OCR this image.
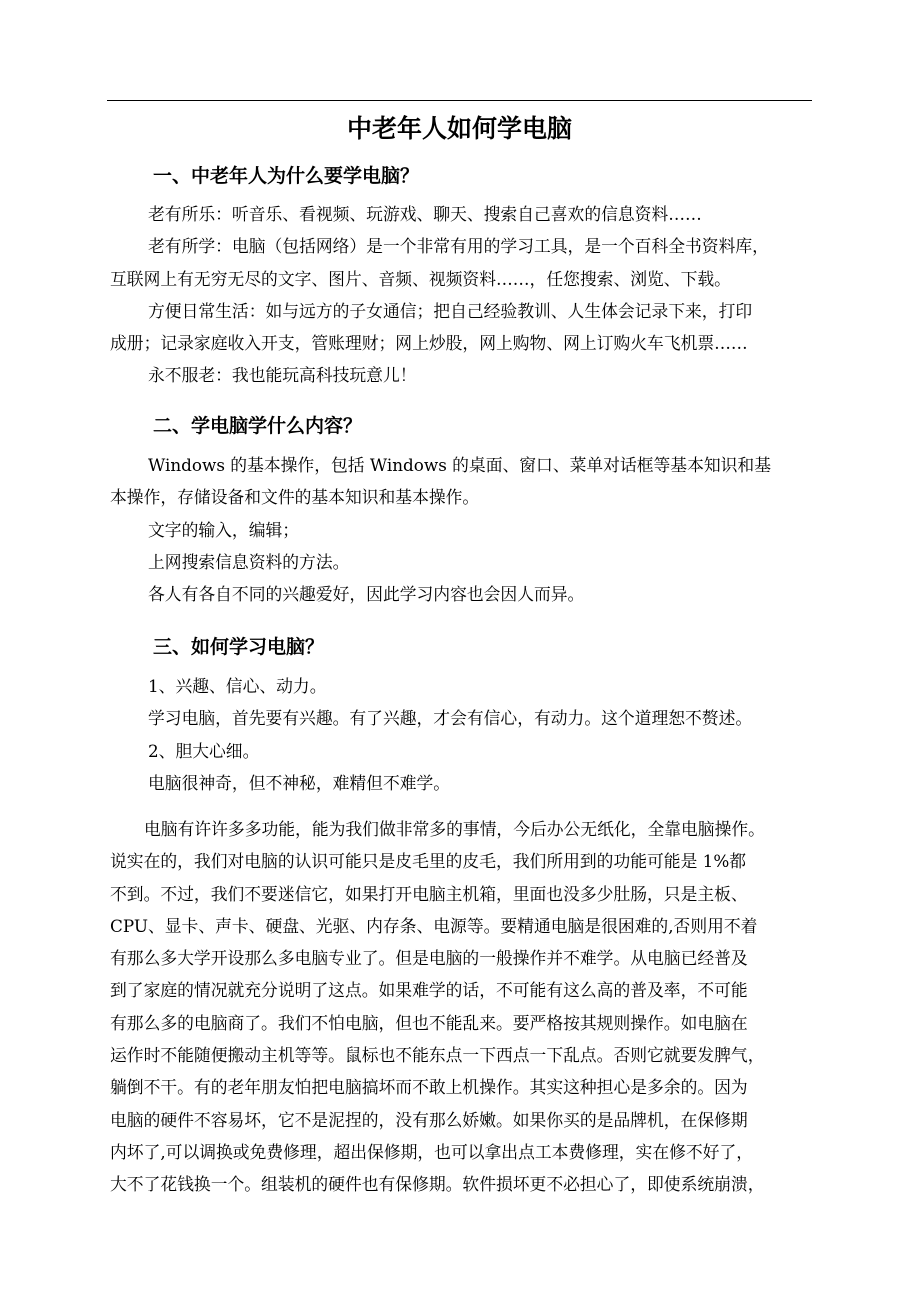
中老年人如何学电脑
一、中老年人为什么要学电脑？
老有所乐：听音乐、看视频、玩游戏、聊天、搜索自己喜欢的信息资料……
老有所学：电脑（包括网络）是一个非常有用的学习工具，是一个百科全书资料库，
互联网上有无穷无尽的文字、图片、音频、视频资料……，任您搜索、浏览、下载。
方便日常生活：如与远方的子女通信；把自己经验教训、人生体会记录下来，打印
成册；记录家庭收入开支，管账理财；网上炒股，网上购物、网上订购火车飞机票……
永不服老：我也能玩高科技玩意儿！
二、学电脑学什么内容？
Windows 的基本操作，包括 Windows 的桌面、窗口、菜单对话框等基本知识和基
本操作，存储设备和文件的基本知识和基本操作。
文字的输入，编辑；
上网搜索信息资料的方法。
各人有各自不同的兴趣爱好，因此学习内容也会因人而异。
三、如何学习电脑？
1、兴趣、信心、动力。
学习电脑，首先要有兴趣。有了兴趣，才会有信心，有动力。这个道理恕不赘述。
2、胆大心细。
电脑很神奇，但不神秘，难精但不难学。
电脑有许许多多功能，能为我们做非常多的事情，今后办公无纸化，全靠电脑操作。
说实在的，我们对电脑的认识可能只是皮毛里的皮毛，我们所用到的功能可能是 1%都
不到。不过，我们不要迷信它，如果打开电脑主机箱，里面也没多少肚肠，只是主板、
CPU、显卡、声卡、硬盘、光驱、内存条、电源等。要精通电脑是很困难的,否则用不着
有那么多大学开设那么多电脑专业了。但是电脑的一般操作并不难学。从电脑已经普及
到了家庭的情况就充分说明了这点。如果难学的话，不可能有这么高的普及率，不可能
有那么多的电脑商了。我们不怕电脑，但也不能乱来。要严格按其规则操作。如电脑在
运作时不能随便搬动主机等等。鼠标也不能东点一下西点一下乱点。否则它就要发脾气，
躺倒不干。有的老年朋友怕把电脑搞坏而不敢上机操作。其实这种担心是多余的。因为
电脑的硬件不容易坏，它不是泥捏的，没有那么娇嫩。如果你买的是品牌机，在保修期
内坏了,可以调换或免费修理，超出保修期，也可以拿出点工本费修理，实在修不好了，
大不了花钱换一个。组装机的硬件也有保修期。软件损坏更不必担心了，即使系统崩溃，
